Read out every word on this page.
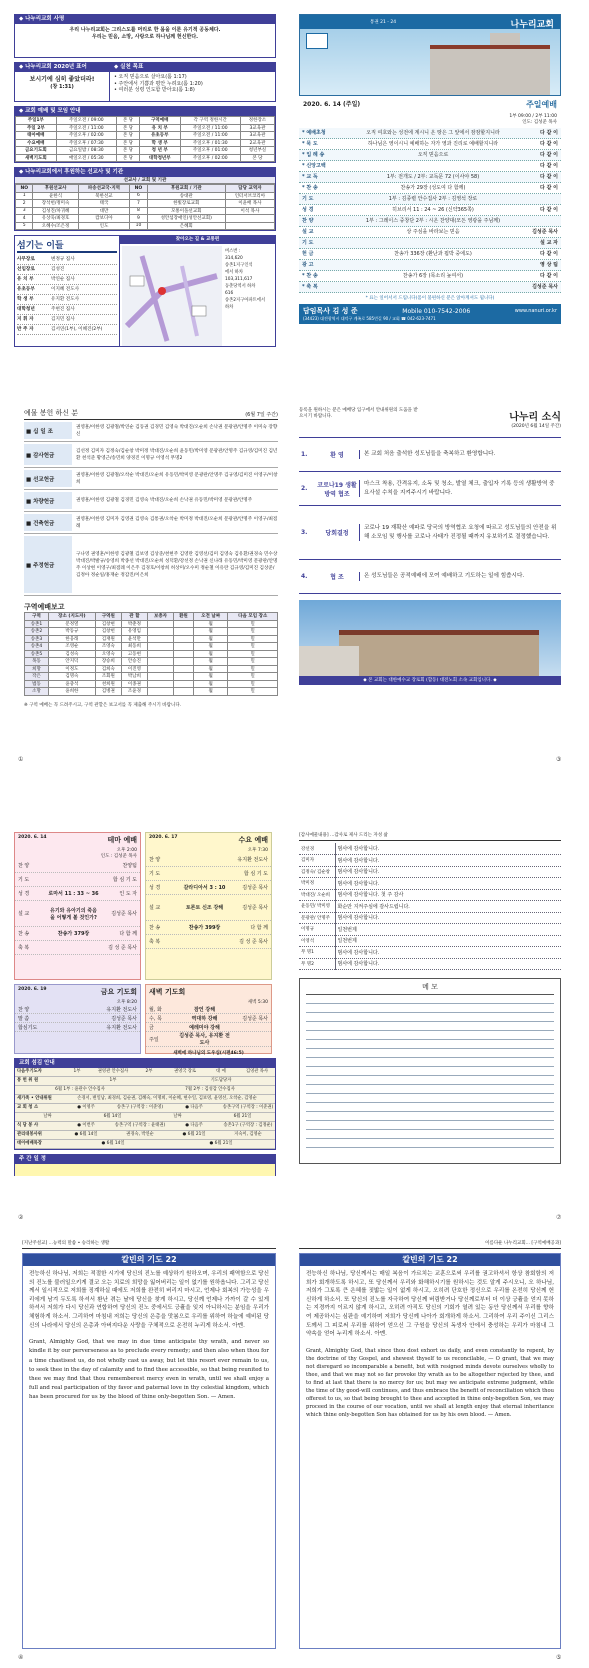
◆ 나누리교회 사명
우리 나누리교회는 그리스도를 머리로 한 몸을 이룬 유기적 공동체다.
우리는 믿음, 소망, 사랑으로 하나님께 헌신한다.
◆ 나누리교회 2020년 표어
보시기에 심히 좋았더라!
(창 1:31)
◆ 실천 목표
• 오직 믿음으로 살아요(롬 1:17)
• 주안에서 기쁨과 평안 누려요(롬 1:20)
• 여러분 성령 인도함 받아요(롬 1:8)
◆ 교회 예배 및 모임 안내
주일1부	주일오전 / 09:00	본 당	구역예배	각 구역 정한시간	정한장소
주일 2부	주일오전 / 11:00	본 당	유 치 부	주일오전 / 11:00	3교육관
태아예배	주일오후 / 02:00	본 당	유초등부	주일오전 / 11:00	3교육관
수요예배	주일오후 / 07:30	본 당	학 생 부	주일오후 / 01:30	2교육관
금요기도회	금요일밤 / 08:30	본 당	청 년 부	주일오후 / 01:00	청년부실
새벽기도회	매일오전 / 05:30	본 당	대학청년부	주일오후 / 02:00	본 당
◆ 나누리교회에서 후원하는 선교사 및 기관
선교사 / 교회 및 기관
NO	후원선교사	파송선교국·지역	NO	후원교회 / 기관	담당 교역자
1	윤한식	북한선교	6	송대관	인터서브코리아
2	장석헌/정미숙	태국	7	한빛장로교회	이윤배 목사
3	김성진/차귀혜	대만	8	모퉁이돌선교회	이석 목사
4	유상욱/최경호	캄보디아	9	성안섬장애인(성안선교회)	
5	오혜수/조은정	인도	10	은혜회	
섬기는 이들
사무장로	변정규 집사
선임장로	김성진
유 치 부	박연순 집사
유초등부	이지혜 전도사
학 생 부	유지환 전도사
대학청년	주현진 집사
지 휘 자	김지민 집사
반 주 자	김서연(1부), 이혜진(2부)
찾아오는 길 & 교통편
버스번 :
314,620
송촌1지구인석
에서 하차
103,311,617
동춘당역서 하차
616
송촌2지구아파트에서
하차
통권 21 - 24	나누리교회
2020. 6. 14 (주일)	주일예배
1부 09:00 / 2부 11:00
인도: 김성준 목사
* 예배초청	오직 여호와는 성전에 계시니 온 땅은 그 앞에서 잠잠할지니라	다 같 이
* 묵 도	하나님은 영이시니 예배하는 자가 영과 진리로 예배할지니라	다 같 이
* 입 례 송	오직 믿음으로	다 같 이
* 신앙고백	다 같 이
* 교 독	1부: 전개도 / 2부: 교독문 72 (이사야 58)	다 같 이
* 찬 송	찬송가 29장 (성도여 다 함께)	다 같 이
기 도	1부 : 김종렬 안수집사 2부 : 김영석 장로
성 경	히브리서 11 : 24 ~ 26 (신약365쪽)	다 같 이
찬 양	1부 : 그레이스 중창단 2부 : 시온 찬양대(모든 영광을 주님께)
설 교	상 주심을 바라보는 믿음	김성준 목사
기 도	설 교 자
헌 금	찬송가 336장 (환난과 핍박 중에도)	다 같 이
광 고	영 상 팀
* 찬 송	찬송가 6장 (목소리 높여서)	다 같 이
* 축 복	김성준 목사
* 표는 일어서서 드립니다(몸이 불편하신 분은 앉아계셔도 됩니다)
담임목사 김 성 준	Mobile 010-7542-2006	www.nanuri.or.kr
(34423) 대전광역시 대덕구 계족로 585번길 90 / 교회 ☎ 042-623-7471
예물 봉헌 하신 분	(6월 7일 주간)
■ 십 일 조
권영훈/이한영 김광철/박연순 김동권 김경민 김영숙 박대진/오순희 손낙권 문광관/안명주 이미숙 장향신
■ 감사헌금
김선정 김미자 김정숙/김순창 박미정 박대진/오순희 윤동민/박미영 문광관/안명주 김규영/김미진 김년환 천석준 황영근/송민희 양경진 이명규 이영석 무명2
■ 선교헌금
권영훈/이한영 김광철/오착순 박대진/오순희 유동민/박미영 문광관/안명주 김규영/김미진 이영구/이창희
■ 차량헌금	권영훈/이한영 김광철 김경민 김영숙 박대진/오순희 손낙권 유동민/박미영 문광관/안명주
■ 건축헌금
권영훈/이한영 김미자 김영권 김영숙 김통권/오착순 박미정 박대진/오순희 문광관/안명주 이영구/최점례
■ 주정헌금
구나영 권영훈/이한영 김광철 김보영 김상준/천현주 김영란 김영선/김미 김영숙 김유환/권경숙 민수상 박대진/박발규/송영희 박종선 박대진/오순희 성덕환/강선정 손낙권 신나래 유동민/박미영 문광관/안명주 이상현 이영구/최점례 이은주 김경호/이창희 허상미/오수미 정순철 이유란 김규영/김미진 김상준/김정아 정순일/홍재순 정갑진/이은희
구역예배보고
구역	장소 (지도자)	구역원	관 할	보충자	환원	오전 날짜	다음 모임 장소
송촌1	문정열	김창현	박춘정			월	밀
송촌2	박동규	김창헌	유영임			월	밀
송촌3	한웅래	김재원	윤석만			월	밀
송촌4	조영순	조영숙	최동희			월	밀
송촌5	김성숙	오영숙	고동현			월	밀
목동	안지덕	장승희	안승진			월	밀
희망	이정도	김희숙	이진영			월	밀
작은	김명숙	조회원	박남희			월	밀
법동	윤충석	천희원	이종권			월	밀
소망	윤희한	김병권	조윤경			월	밀
※ 구역 예배는 꼭 드려주시고, 구역 관할은 보고서를 꼭 제출해 주시기 바랍니다.
등록을 원하시는 분은 예배당 입구에서 안내위원의 도움을 받으시기 바랍니다.	나누리 소식
(2020년 6월 14일 주간)
1.	환 영	본 교회 처음 출석한 성도님들을 축복하고 환영합니다.
2.	코로나19 생활방역 협조
마스크 착용, 간격유지, 소독 및 청소, 발열 체크, 출입자 기록 등의 생활방역 중요사설 수칙을 지켜주시기 바랍니다.
3.	당회결정
코로나 19 재확산 예파로 당국의 방역협조 요청에 따르고 성도님들의 안전을 위해 소모임 및 행사를 코로나 사태가 진정될 때까지 유보하기로 결정했습니다.
4.	협 조	온 성도님들은 공적예배에 모여 예배하고 기도하는 일에 힘씁시다.
◆ 본 교회는 대한예수교 장로회 (합동) 대전노회 소속 교회입니다. ◆
2020. 6. 14	테마 예배
오후 2:00
인도 : 김성준 목사
찬 양	찬양팀
기 도	합 심 기 도
성 경	로마서 11 : 33 ~ 36	인 도 자
설 교
유기와 유아기의 죽음을 어떻게 볼 것인가?
김성준 목사
찬 송	찬송가 379장	다 함 께
축 복	김 성 준 목사
2020. 6. 17	수요 예배
오후 7:30
찬 양	유지환 전도사
기 도	합 심 기 도
성 경	갈라디아서 3 : 10	김성준 목사
설 교	토론토 신조 강해	김성준 목사
찬 송	찬송가 399장	다 함 께
축 복	김 성 준 목사
2020. 6. 19	금요 기도회
오후 8:20
찬 양	유지환 전도사
말 씀	김성준 목사
합심기도	유지환 전도사
새벽 기도회
새벽 5:30
월, 화	잠언 강해
수, 목	역대하 강해	김성준 목사
금	예레미야 강해
주일
김성준 목사, 유지환 전도사
새벽에 하나님의 도우심(시편46:5)
교회 섬김 안내
다음주기도자	1부	권영관 안수집사	2부	권영국 장로	대 예	김영관 목사
봉 헌 위 원	1부	기도담당자
6월 1부 : 윤관수 안수집사	7월 2부 : 김성갑 안수집사
새가족 • 안내위원	손경서, 변일남, 최경희, 김순권, 김혜숙, 이명희, 이순혜, 현수일, 김보영, 윤영선, 오착순, 김영순
교 회 청 소	● 이영주	송촌구 (구역장 : 이준영)	● 다음주	송촌구역 (구역장 : 이준권)
날짜	6월 14일	날짜	6월 21일
식 당 봉 사	● 이번주	송촌구역 (구역장 : 윤태권)	● 다음주	송촌1구 (구역장 : 김정운)
관리대봉사위	● 6월 14일	권경숙, 박연순	● 6월 21일	지숙이, 김영순
데이에배목장	● 6월 14일	● 6월 21일
주 간 일 정
[감사예물내용] ...감사로 제사 드리는 자성 삶
강선경	범사에 감사합니다.
김미자	범사에 감사합니다.
김정숙/ 김순창	범사에 감사합니다.
박미정	범사에 감사합니다.
박대진/ 오순희	범사에 감사합니다. 첫 주 감사
윤동민/ 박미영	화순만 지켜주심에 감사드립니다.
문광관/ 안명주	범사에 감사합니다.
이명규	일천번제
이영석	일천번제
무 명1	범사에 감사합니다.
무 명2	범사에 감사합니다.
메 모
[지난주설교] ...능력의 말씀 • 승리하는 생활
칼빈의 기도 22
전능하신 하나님, 저희는 적절한 시기에 당신의 진노를 예상하기 원하오며, 우리의 패역함으로 당신의 진노를 불러일으키게 결코 오는 치료의 희망을 잃어버리는 일이 없기를 원하옵니다. 그리고 당신께서 일시적으로 저희를 징계하실 때에도 저희를 완전히 버리지 마시고, 언제나 회복의 가능성을 우리에게 남겨 두도록 하셔서 환난 겪는 날에 당신을 찾게 하시고, 당신께 언제나 가까이 갈 수 있게 하셔서 저희가 다시 당신과 연합하여 당신의 진노 중에서도 긍휼을 잊지 아니하시는 분임을 우리가 체험하게 하소서. 그리하여 마침내 저희는 당신의 은총을 맛봄으로 우리를 위하여 하늘에 예비된 당신의 나라에서 당신의 은총과 아버지다운 사랑을 구체적으로 온전히 누리게 하소서. 아멘.
Grant, Almighty God, that we may in due time anticipate thy wrath, and never so kindle it by our perverseness as to preclude every remedy; and then also when thou for a time chastisest us, do not wholly cast us away, but let this resort ever remain to us, to seek thee in the day of calamity and to find thee accessible, so that being reunited to thee we may find that thou rememberest mercy even in wrath, until we shall enjoy a full and real participation of thy favor and paternal love in thy celestial kingdom, which has been procured for us by the blood of thine only-begotten Son. — Amen.
이름다운 나누리교회... [구역예배공과]
칼빈의 기도 22
전능하신 하나님, 당신께서는 매일 복음이 가르치는 교훈으로써 우리를 권고하셔서 항상 참회함의 저희가 회개하도록 하시고, 또 당신께서 우리와 화해하시기를 원하시는 것도 알게 주시오니, 오 하나님, 저희가 그토록 큰 은혜를 짓밟는 일이 없게 하시고, 오히려 단호한 정신으로 우리를 온전히 당신께 헌신하게 하소서. 또 당신의 진노를 자극하여 당신께 버림받거나 당신께로부터 더 이상 긍휼을 얻지 못하는 지경까지 이르지 않게 하시고, 오히려 아직도 당신의 기회가 열려 있는 동안 당신께서 우리를 향하여 제공하시는 심판을 예기하며 저희가 당신께 나아가 회개하게 하소서. 그리하여 우리 주이신 그리스도께서 그 피로써 우리를 위하여 얻으신 그 구원을 당신의 독생자 안에서 충성하는 우리가 마침내 그 약속을 얻어 누리게 하소서. 아멘.
Grant, Almighty God, that since thou dost exhort us daily, and even constantly to repent, by the doctrine of thy Gospel, and shewest thyself to us reconcilable, — O grant, that we may not disregard so incomparable a benefit, but with resigned minds devote ourselves wholly to thee, and that we may not so far provoke thy wrath as to be altogether rejected by thee, and to find at last that there is no mercy for us; but may we anticipate extreme judgment, while the time of thy good-will continues, and thus embrace the benefit of reconciliation which thou offerest to us, so that being brought to thee and accepted in thine only-begotten Son, we may proceed in the course of our vocation, until we shall at length enjoy that eternal inheritance which thine only-begotten Son has obtained for us by his own blood. — Amen.
①
②
③
④	⑤
⑦
